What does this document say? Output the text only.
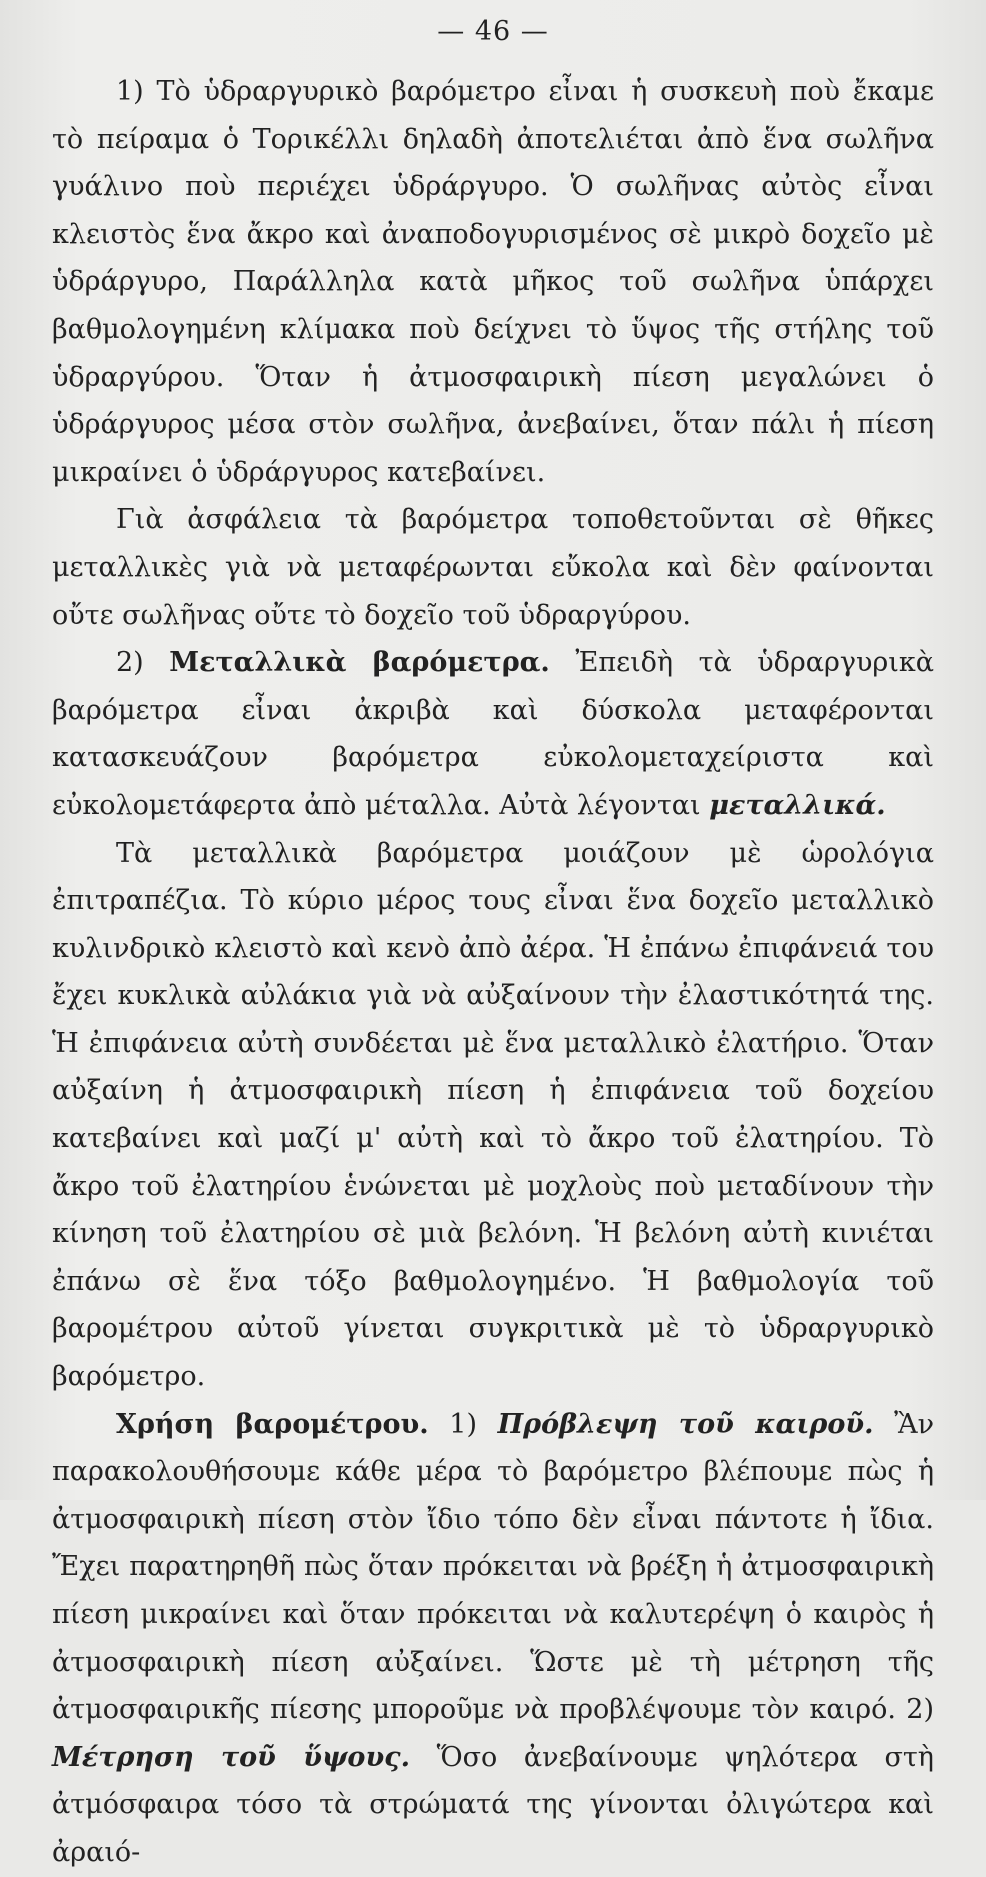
— 46 —

1) Τὸ ὑδραργυρικὸ βαρόμετρο εἶναι ἡ συσκευὴ ποὺ ἔκαμε τὸ πείραμα ὁ Τορικέλλι δηλαδὴ ἀποτελιέται ἀπὸ ἕνα σωλῆνα γυάλινο ποὺ περιέχει ὑδράργυρο. Ὁ σωλῆνας αὐτὸς εἶναι κλειστὸς ἕνα ἄκρο καὶ ἀναποδογυρισμένος σὲ μικρὸ δοχεῖο μὲ ὑδράργυρο, Παράλληλα κατὰ μῆκος τοῦ σωλῆνα ὑπάρχει βαθμολογημένη κλίμακα ποὺ δείχνει τὸ ὕψος τῆς στήλης τοῦ ὑδραργύρου. Ὅταν ἡ ἀτμοσφαιρικὴ πίεση μεγαλώνει ὁ ὑδράργυρος μέσα στὸν σωλῆνα, ἀνεβαίνει, ὅταν πάλι ἡ πίεση μικραίνει ὁ ὑδράργυρος κατεβαίνει.

Γιὰ ἀσφάλεια τὰ βαρόμετρα τοποθετοῦνται σὲ θῆκες μεταλλικὲς γιὰ νὰ μεταφέρωνται εὔκολα καὶ δὲν φαίνονται οὔτε σωλῆνας οὔτε τὸ δοχεῖο τοῦ ὑδραργύρου.

2) Μεταλλικὰ βαρόμετρα. Ἐπειδὴ τὰ ὑδραργυρικὰ βαρόμετρα εἶναι ἀκριβὰ καὶ δύσκολα μεταφέρονται κατασκευάζουν βαρόμετρα εὐκολομεταχείριστα καὶ εὐκολομετάφερτα ἀπὸ μέταλλα. Αὐτὰ λέγονται μεταλλικά.

Τὰ μεταλλικὰ βαρόμετρα μοιάζουν μὲ ὡρολόγια ἐπιτραπέζια. Τὸ κύριο μέρος τους εἶναι ἕνα δοχεῖο μεταλλικὸ κυλινδρικὸ κλειστὸ καὶ κενὸ ἀπὸ ἀέρα. Ἡ ἐπάνω ἐπιφάνειά του ἔχει κυκλικὰ αὐλάκια γιὰ νὰ αὐξαίνουν τὴν ἐλαστικότητά της. Ἡ ἐπιφάνεια αὐτὴ συνδέεται μὲ ἕνα μεταλλικὸ ἐλατήριο. Ὅταν αὐξαίνη ἡ ἀτμοσφαιρικὴ πίεση ἡ ἐπιφάνεια τοῦ δοχείου κατεβαίνει καὶ μαζί μ' αὐτὴ καὶ τὸ ἄκρο τοῦ ἐλατηρίου. Τὸ ἄκρο τοῦ ἐλατηρίου ἑνώνεται μὲ μοχλοὺς ποὺ μεταδίνουν τὴν κίνηση τοῦ ἐλατηρίου σὲ μιὰ βελόνη. Ἡ βελόνη αὐτὴ κινιέται ἐπάνω σὲ ἕνα τόξο βαθμολογημένο. Ἡ βαθμολογία τοῦ βαρομέτρου αὐτοῦ γίνεται συγκριτικὰ μὲ τὸ ὑδραργυρικὸ βαρόμετρο.

Χρήση βαρομέτρου. 1) Πρόβλεψη τοῦ καιροῦ. Ἂν παρακολουθήσουμε κάθε μέρα τὸ βαρόμετρο βλέπουμε πὼς ἡ ἀτμοσφαιρικὴ πίεση στὸν ἴδιο τόπο δὲν εἶναι πάντοτε ἡ ἴδια. Ἔχει παρατηρηθῆ πὼς ὅταν πρόκειται νὰ βρέξη ἡ ἀτμοσφαιρικὴ πίεση μικραίνει καὶ ὅταν πρόκειται νὰ καλυτερέψη ὁ καιρὸς ἡ ἀτμοσφαιρικὴ πίεση αὐξαίνει. Ὥστε μὲ τὴ μέτρηση τῆς ἀτμοσφαιρικῆς πίεσης μποροῦμε νὰ προβλέψουμε τὸν καιρό. 2) Μέτρηση τοῦ ὕψους. Ὅσο ἀνεβαίνουμε ψηλότερα στὴ ἀτμόσφαιρα τόσο τὰ στρώματά της γίνονται ὀλιγώτερα καὶ ἀραιό-
